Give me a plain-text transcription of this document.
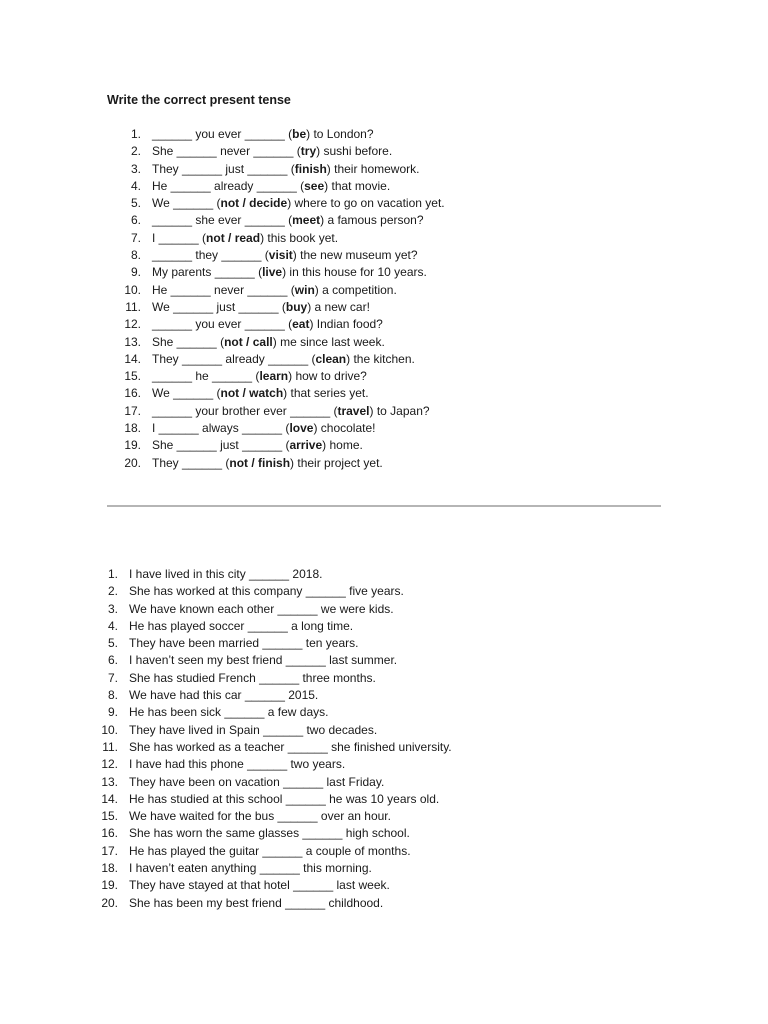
Write the correct present tense
1. ______ you ever ______ (be) to London?
2. She ______ never ______ (try) sushi before.
3. They ______ just ______ (finish) their homework.
4. He ______ already ______ (see) that movie.
5. We ______ (not / decide) where to go on vacation yet.
6. ______ she ever ______ (meet) a famous person?
7. I ______ (not / read) this book yet.
8. ______ they ______ (visit) the new museum yet?
9. My parents ______ (live) in this house for 10 years.
10. He ______ never ______ (win) a competition.
11. We ______ just ______ (buy) a new car!
12. ______ you ever ______ (eat) Indian food?
13. She ______ (not / call) me since last week.
14. They ______ already ______ (clean) the kitchen.
15. ______ he ______ (learn) how to drive?
16. We ______ (not / watch) that series yet.
17. ______ your brother ever ______ (travel) to Japan?
18. I ______ always ______ (love) chocolate!
19. She ______ just ______ (arrive) home.
20. They ______ (not / finish) their project yet.
1. I have lived in this city ______ 2018.
2. She has worked at this company ______ five years.
3. We have known each other ______ we were kids.
4. He has played soccer ______ a long time.
5. They have been married ______ ten years.
6. I haven’t seen my best friend ______ last summer.
7. She has studied French ______ three months.
8. We have had this car ______ 2015.
9. He has been sick ______ a few days.
10. They have lived in Spain ______ two decades.
11. She has worked as a teacher ______ she finished university.
12. I have had this phone ______ two years.
13. They have been on vacation ______ last Friday.
14. He has studied at this school ______ he was 10 years old.
15. We have waited for the bus ______ over an hour.
16. She has worn the same glasses ______ high school.
17. He has played the guitar ______ a couple of months.
18. I haven’t eaten anything ______ this morning.
19. They have stayed at that hotel ______ last week.
20. She has been my best friend ______ childhood.
